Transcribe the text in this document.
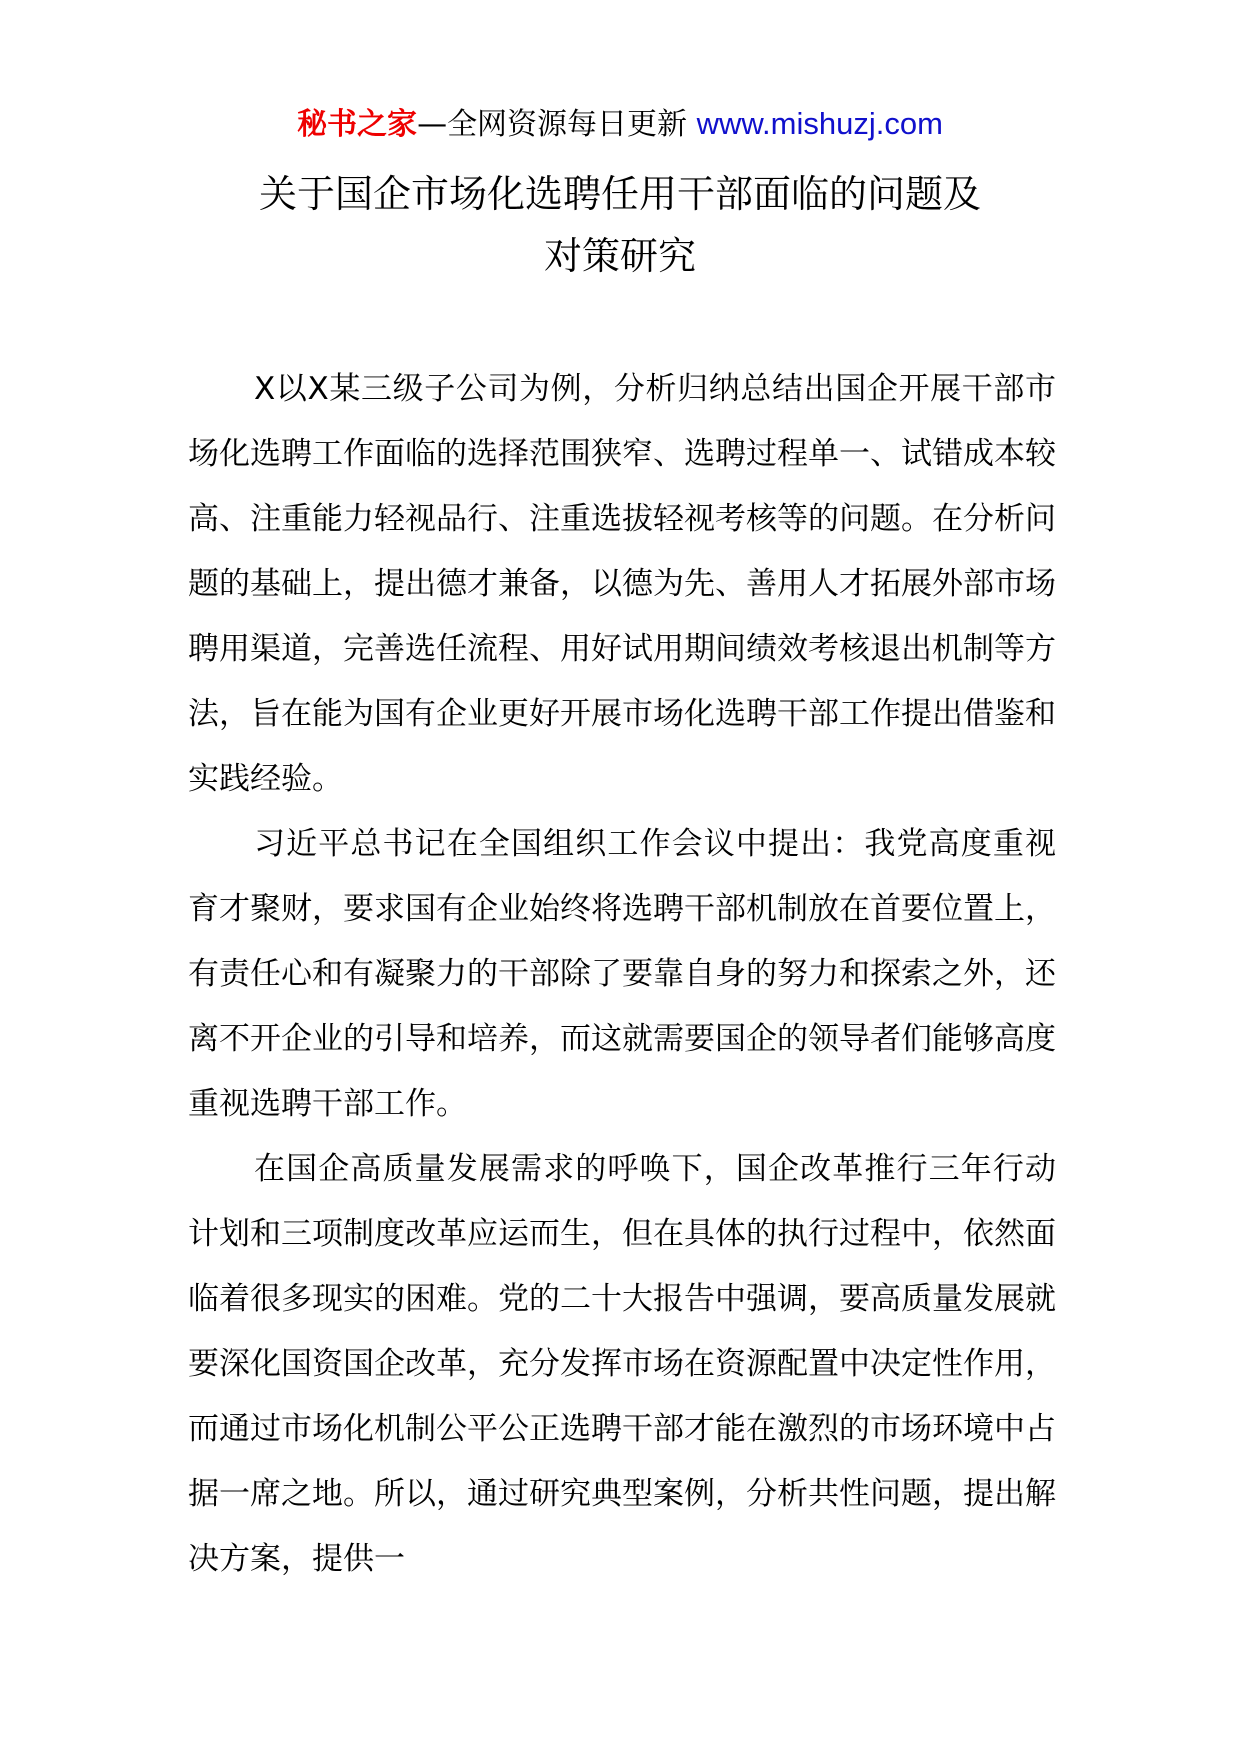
秘书之家—全网资源每日更新 www.mishuzj.com
关于国企市场化选聘任用干部面临的问题及
对策研究

X以X某三级子公司为例，分析归纳总结出国企开展干部市场化选聘工作面临的选择范围狭窄、选聘过程单一、试错成本较高、注重能力轻视品行、注重选拔轻视考核等的问题。在分析问题的基础上，提出德才兼备，以德为先、善用人才拓展外部市场聘用渠道，完善选任流程、用好试用期间绩效考核退出机制等方法，旨在能为国有企业更好开展市场化选聘干部工作提出借鉴和实践经验。

习近平总书记在全国组织工作会议中提出：我党高度重视育才聚财，要求国有企业始终将选聘干部机制放在首要位置上，有责任心和有凝聚力的干部除了要靠自身的努力和探索之外，还离不开企业的引导和培养，而这就需要国企的领导者们能够高度重视选聘干部工作。

在国企高质量发展需求的呼唤下，国企改革推行三年行动计划和三项制度改革应运而生，但在具体的执行过程中，依然面临着很多现实的困难。党的二十大报告中强调，要高质量发展就要深化国资国企改革，充分发挥市场在资源配置中决定性作用，而通过市场化机制公平公正选聘干部才能在激烈的市场环境中占据一席之地。所以，通过研究典型案例，分析共性问题，提出解决方案，提供一
